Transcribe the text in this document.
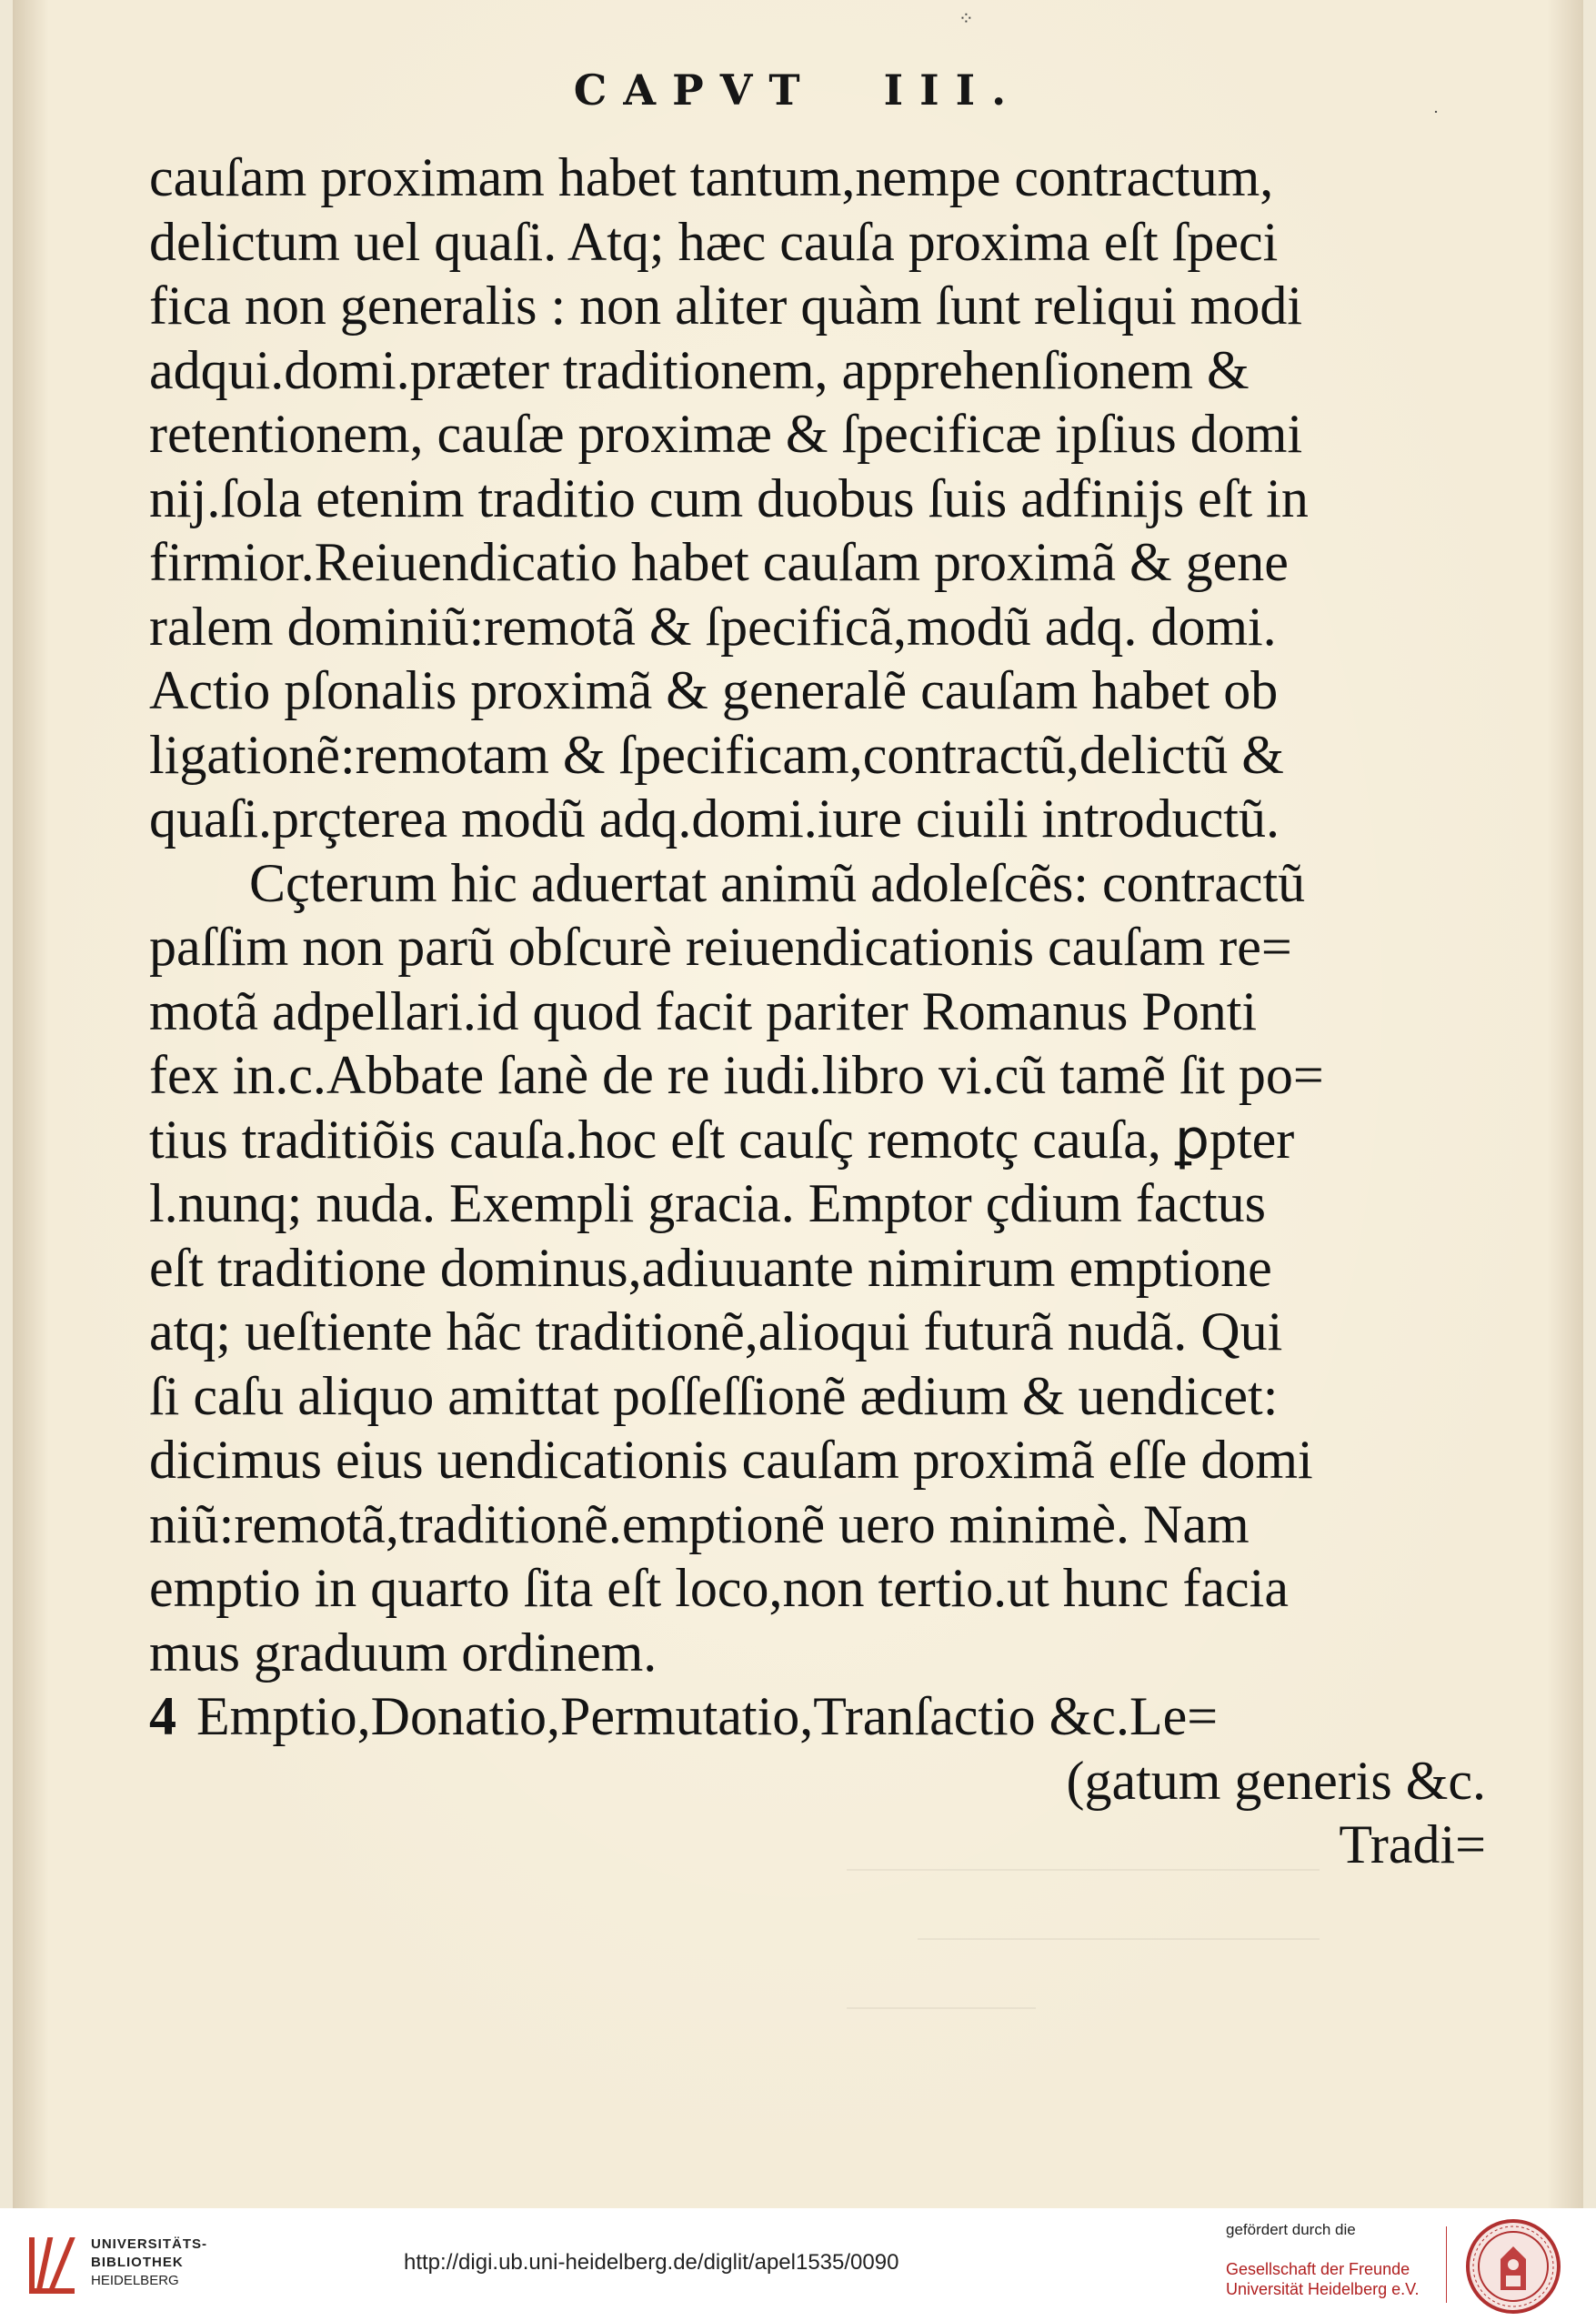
⁘
˙
CAPVT III.
cauſam proximam habet tantum,nempe contractum,
delictum uel quaſi. Atq; hæc cauſa proxima eſt ſpeci
fica non generalis : non aliter quàm ſunt reliqui modi
adqui.domi.præter traditionem, apprehenſionem &
retentionem, cauſæ proximæ & ſpecificæ ipſius domi
nij.ſola etenim traditio cum duobus ſuis adfinijs eſt in
firmior.Reiuendicatio habet cauſam proximã & gene
ralem dominiũ:remotã & ſpecificã,modũ adq. domi.
Actio pſonalis proximã & generalẽ cauſam habet ob
ligationẽ:remotam & ſpecificam,contractũ,delictũ &
quaſi.prçterea modũ adq.domi.iure ciuili introductũ.
Cçterum hic aduertat animũ adoleſcẽs: contractũ
paſſim non parũ obſcurè reiuendicationis cauſam re=
motã adpellari.id quod facit pariter Romanus Ponti
fex in.c.Abbate ſanè de re iudi.libro vi.cũ tamẽ ſit po=
tius traditiõis cauſa.hoc eſt cauſç remotç cauſa, ꝑpter
l.nunq; nuda. Exempli gracia. Emptor çdium factus
eſt traditione dominus,adiuuante nimirum emptione
atq; ueſtiente hãc traditionẽ,alioqui futurã nudã. Qui
ſi caſu aliquo amittat poſſeſſionẽ ædium & uendicet:
dicimus eius uendicationis cauſam proximã eſſe domi
niũ:remotã,traditionẽ.emptionẽ uero minimè. Nam
emptio in quarto ſita eſt loco,non tertio.ut hunc facia
mus graduum ordinem.
4 Emptio,Donatio,Permutatio,Tranſactio &c.Le=
(gatum generis &c.
Tradi=
UNIVERSITÄTS-
BIBLIOTHEK
HEIDELBERG
http://digi.ub.uni-heidelberg.de/diglit/apel1535/0090
gefördert durch die
Gesellschaft der Freunde
Universität Heidelberg e.V.
